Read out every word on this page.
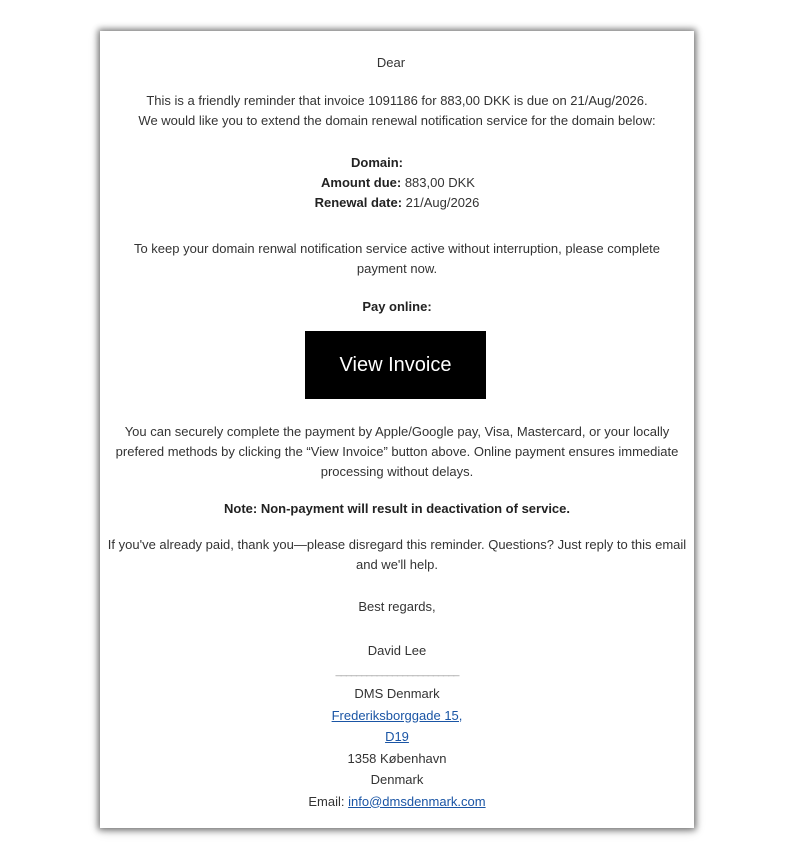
Dear

This is a friendly reminder that invoice 1091186 for 883,00 DKK is due on 21/Aug/2026.
We would like you to extend the domain renewal notification service for the domain below:

Domain:
Amount due: 883,00 DKK
Renewal date: 21/Aug/2026

To keep your domain renwal notification service active without interruption, please complete payment now.

Pay online:

View Invoice

You can securely complete the payment by Apple/Google pay, Visa, Mastercard, or your locally prefered methods by clicking the “View Invoice” button above. Online payment ensures immediate processing without delays.

Note: Non-payment will result in deactivation of service.

If you've already paid, thank you—please disregard this reminder. Questions? Just reply to this email and we'll help.

Best regards,

David Lee

________________________

DMS Denmark
Frederiksborggade 15,
D19
1358 København
Denmark
Email: info@dmsdenmark.com
